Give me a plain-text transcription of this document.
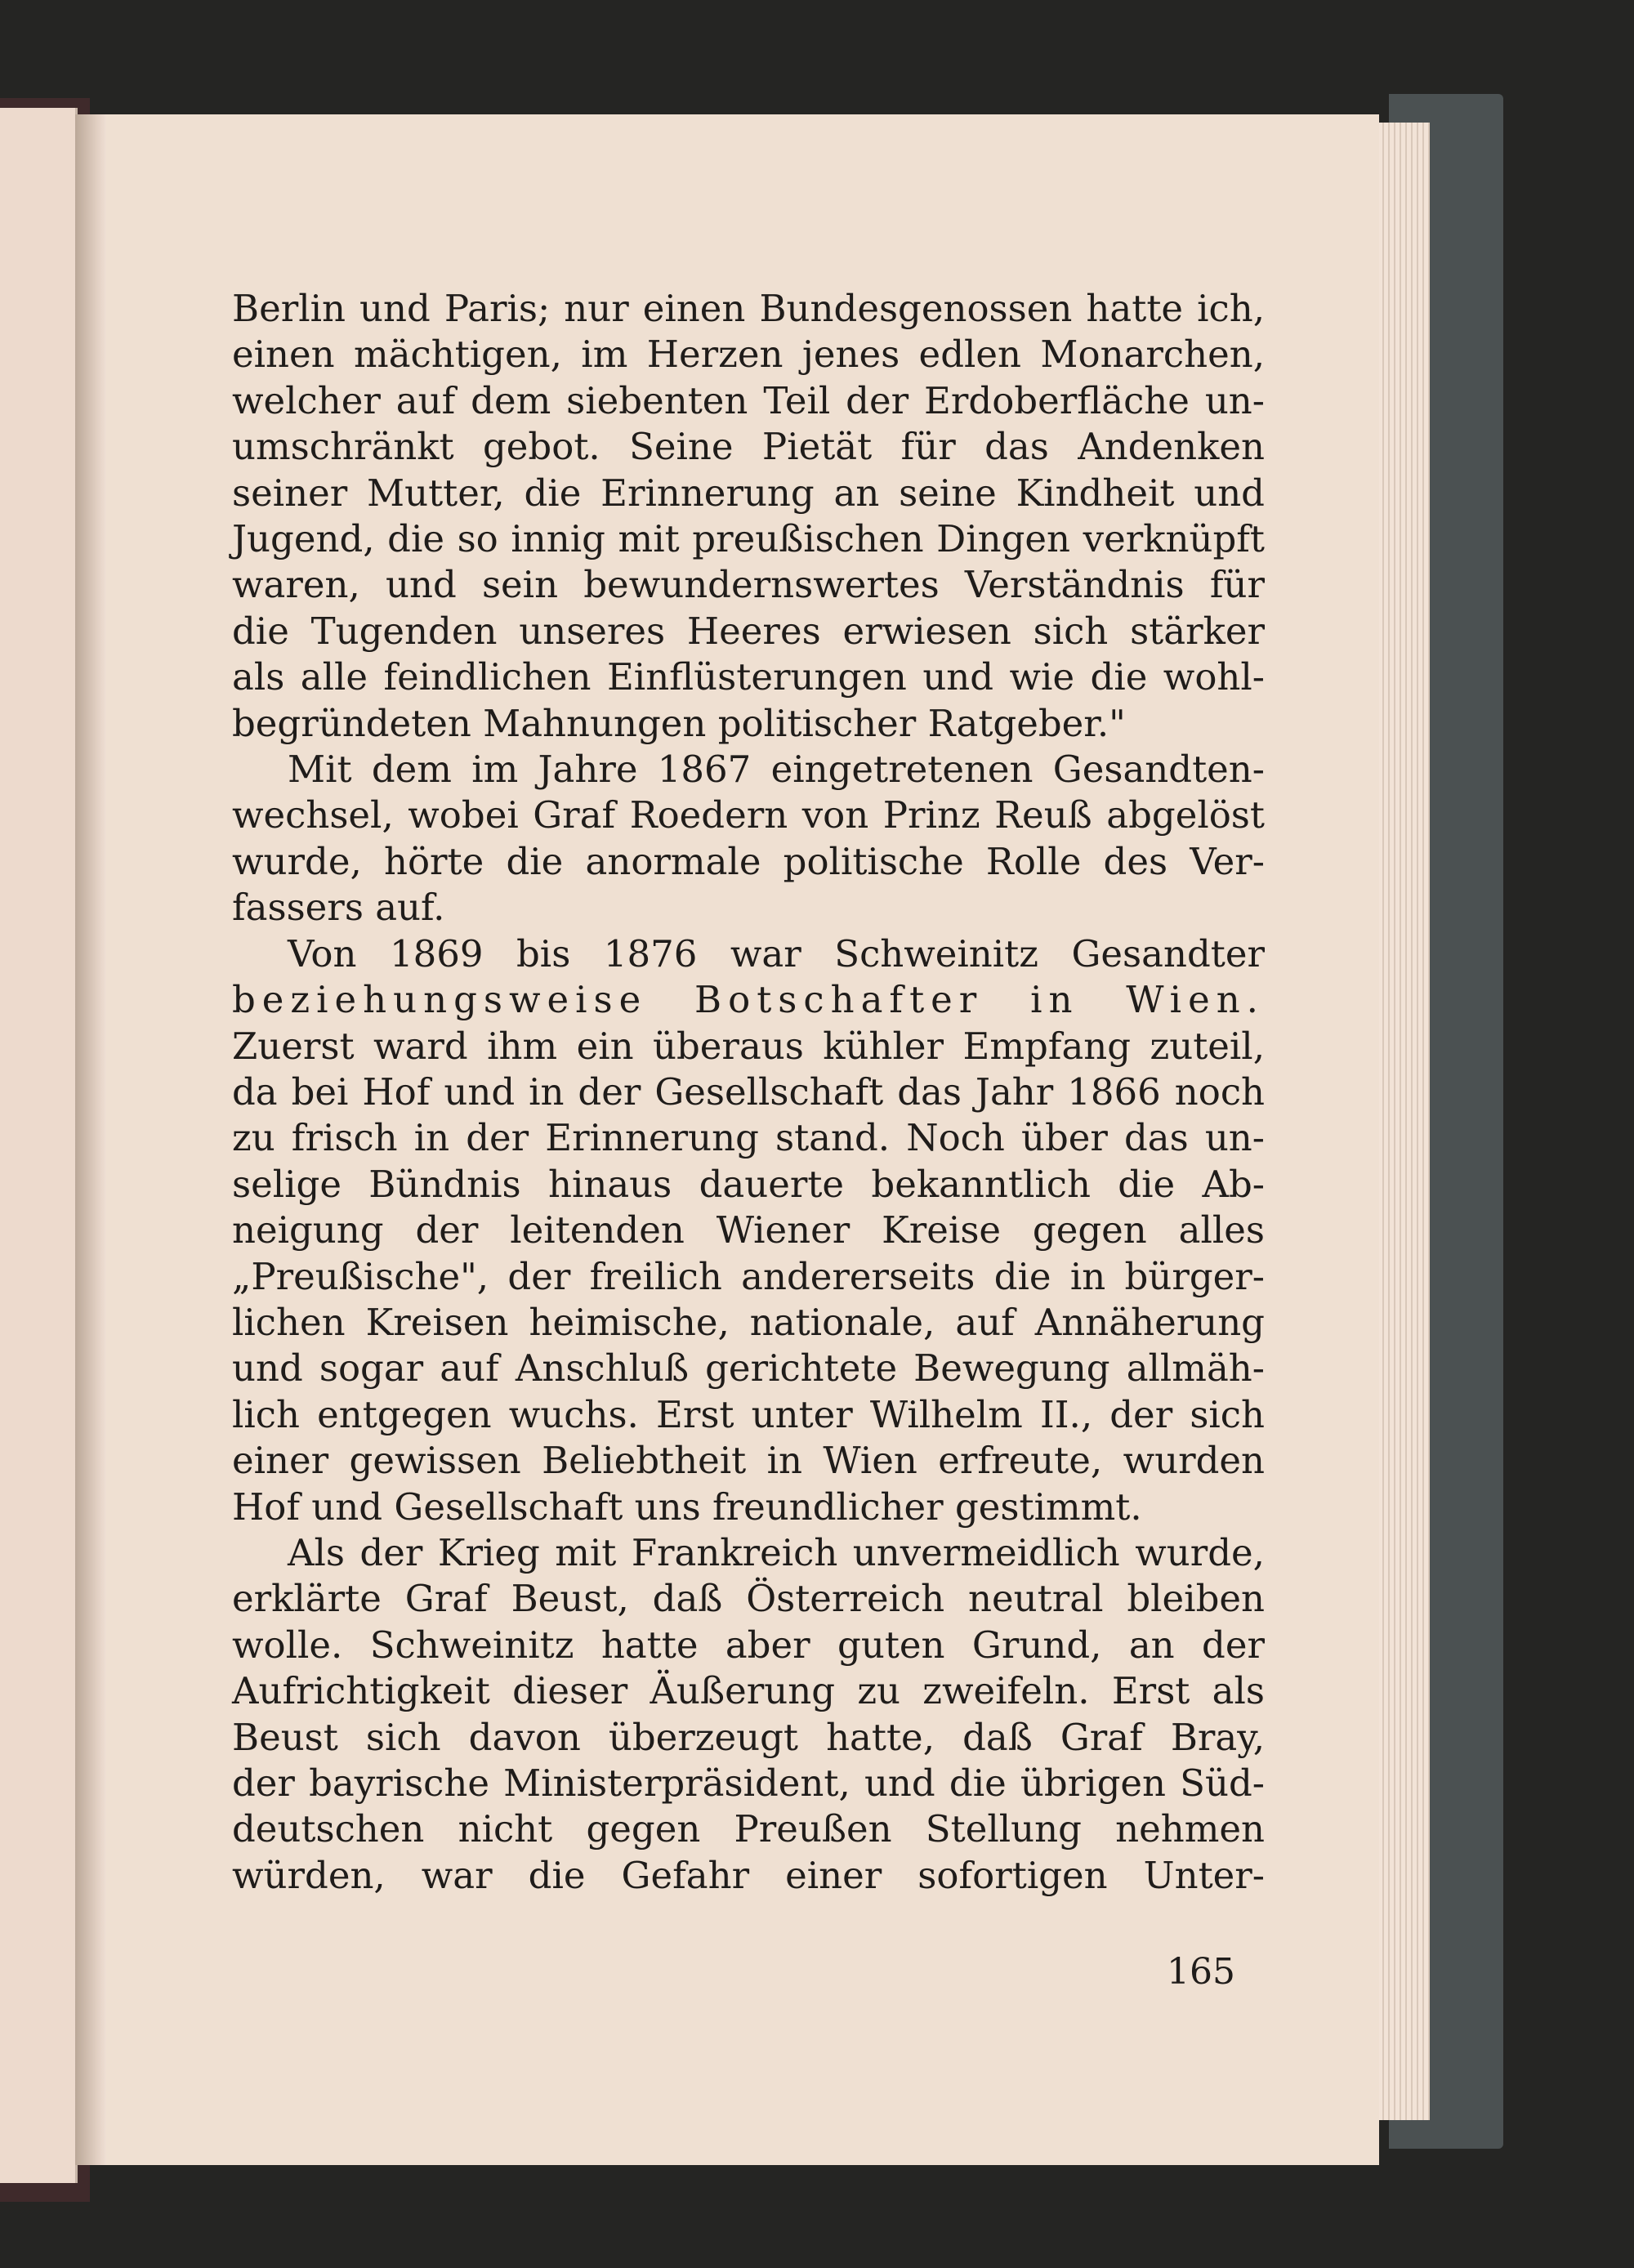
Berlin und Paris; nur einen Bundesgenossen hatte ich,
einen mächtigen, im Herzen jenes edlen Monarchen,
welcher auf dem siebenten Teil der Erdoberfläche un-
umschränkt gebot. Seine Pietät für das Andenken
seiner Mutter, die Erinnerung an seine Kindheit und
Jugend, die so innig mit preußischen Dingen verknüpft
waren, und sein bewundernswertes Verständnis für
die Tugenden unseres Heeres erwiesen sich stärker
als alle feindlichen Einflüsterungen und wie die wohl-
begründeten Mahnungen politischer Ratgeber."
Mit dem im Jahre 1867 eingetretenen Gesandten-
wechsel, wobei Graf Roedern von Prinz Reuß abgelöst
wurde, hörte die anormale politische Rolle des Ver-
fassers auf.
Von 1869 bis 1876 war Schweinitz Gesandter
beziehungsweise Botschafter in Wien.
Zuerst ward ihm ein überaus kühler Empfang zuteil,
da bei Hof und in der Gesellschaft das Jahr 1866 noch
zu frisch in der Erinnerung stand. Noch über das un-
selige Bündnis hinaus dauerte bekanntlich die Ab-
neigung der leitenden Wiener Kreise gegen alles
„Preußische", der freilich andererseits die in bürger-
lichen Kreisen heimische, nationale, auf Annäherung
und sogar auf Anschluß gerichtete Bewegung allmäh-
lich entgegen wuchs. Erst unter Wilhelm II., der sich
einer gewissen Beliebtheit in Wien erfreute, wurden
Hof und Gesellschaft uns freundlicher gestimmt.
Als der Krieg mit Frankreich unvermeidlich wurde,
erklärte Graf Beust, daß Österreich neutral bleiben
wolle. Schweinitz hatte aber guten Grund, an der
Aufrichtigkeit dieser Äußerung zu zweifeln. Erst als
Beust sich davon überzeugt hatte, daß Graf Bray,
der bayrische Ministerpräsident, und die übrigen Süd-
deutschen nicht gegen Preußen Stellung nehmen
würden, war die Gefahr einer sofortigen Unter-
165
